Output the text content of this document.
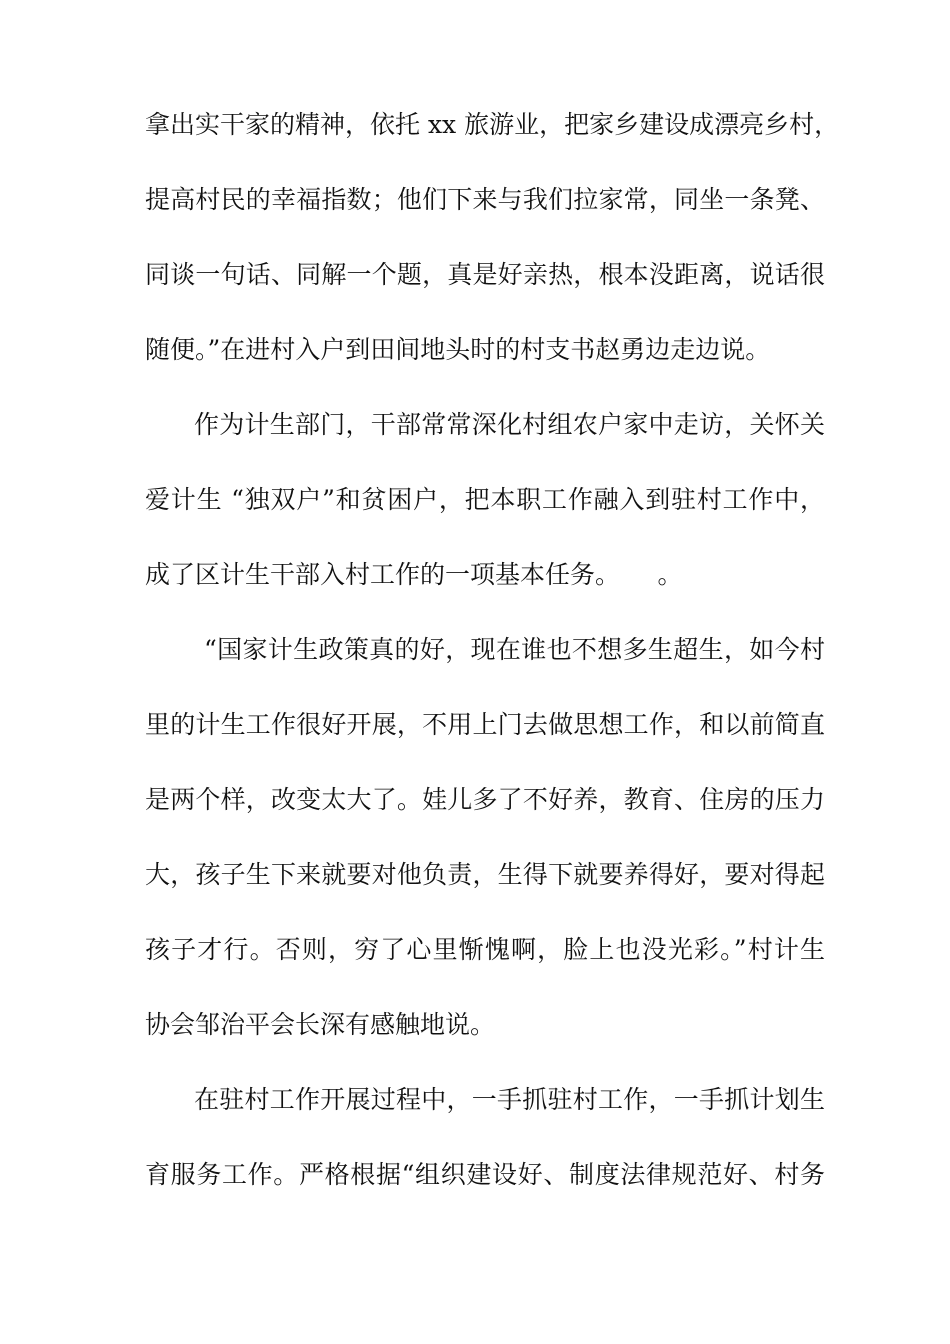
拿出实干家的精神，依托 xx 旅游业，把家乡建设成漂亮乡村，
提高村民的幸福指数；他们下来与我们拉家常，同坐一条凳、
同谈一句话、同解一个题，真是好亲热，根本没距离，说话很
随便。”在进村入户到田间地头时的村支书赵勇边走边说。
作为计生部门，干部常常深化村组农户家中走访，关怀关
爱计生 “独双户”和贫困户，把本职工作融入到驻村工作中，
成了区计生干部入村工作的一项基本任务。　　。
“国家计生政策真的好，现在谁也不想多生超生，如今村
里的计生工作很好开展，不用上门去做思想工作，和以前简直
是两个样，改变太大了。娃儿多了不好养，教育、住房的压力
大，孩子生下来就要对他负责，生得下就要养得好，要对得起
孩子才行。否则，穷了心里惭愧啊，脸上也没光彩。”村计生
协会邹治平会长深有感触地说。
在驻村工作开展过程中，一手抓驻村工作，一手抓计划生
育服务工作。严格根据“组织建设好、制度法律规范好、村务
